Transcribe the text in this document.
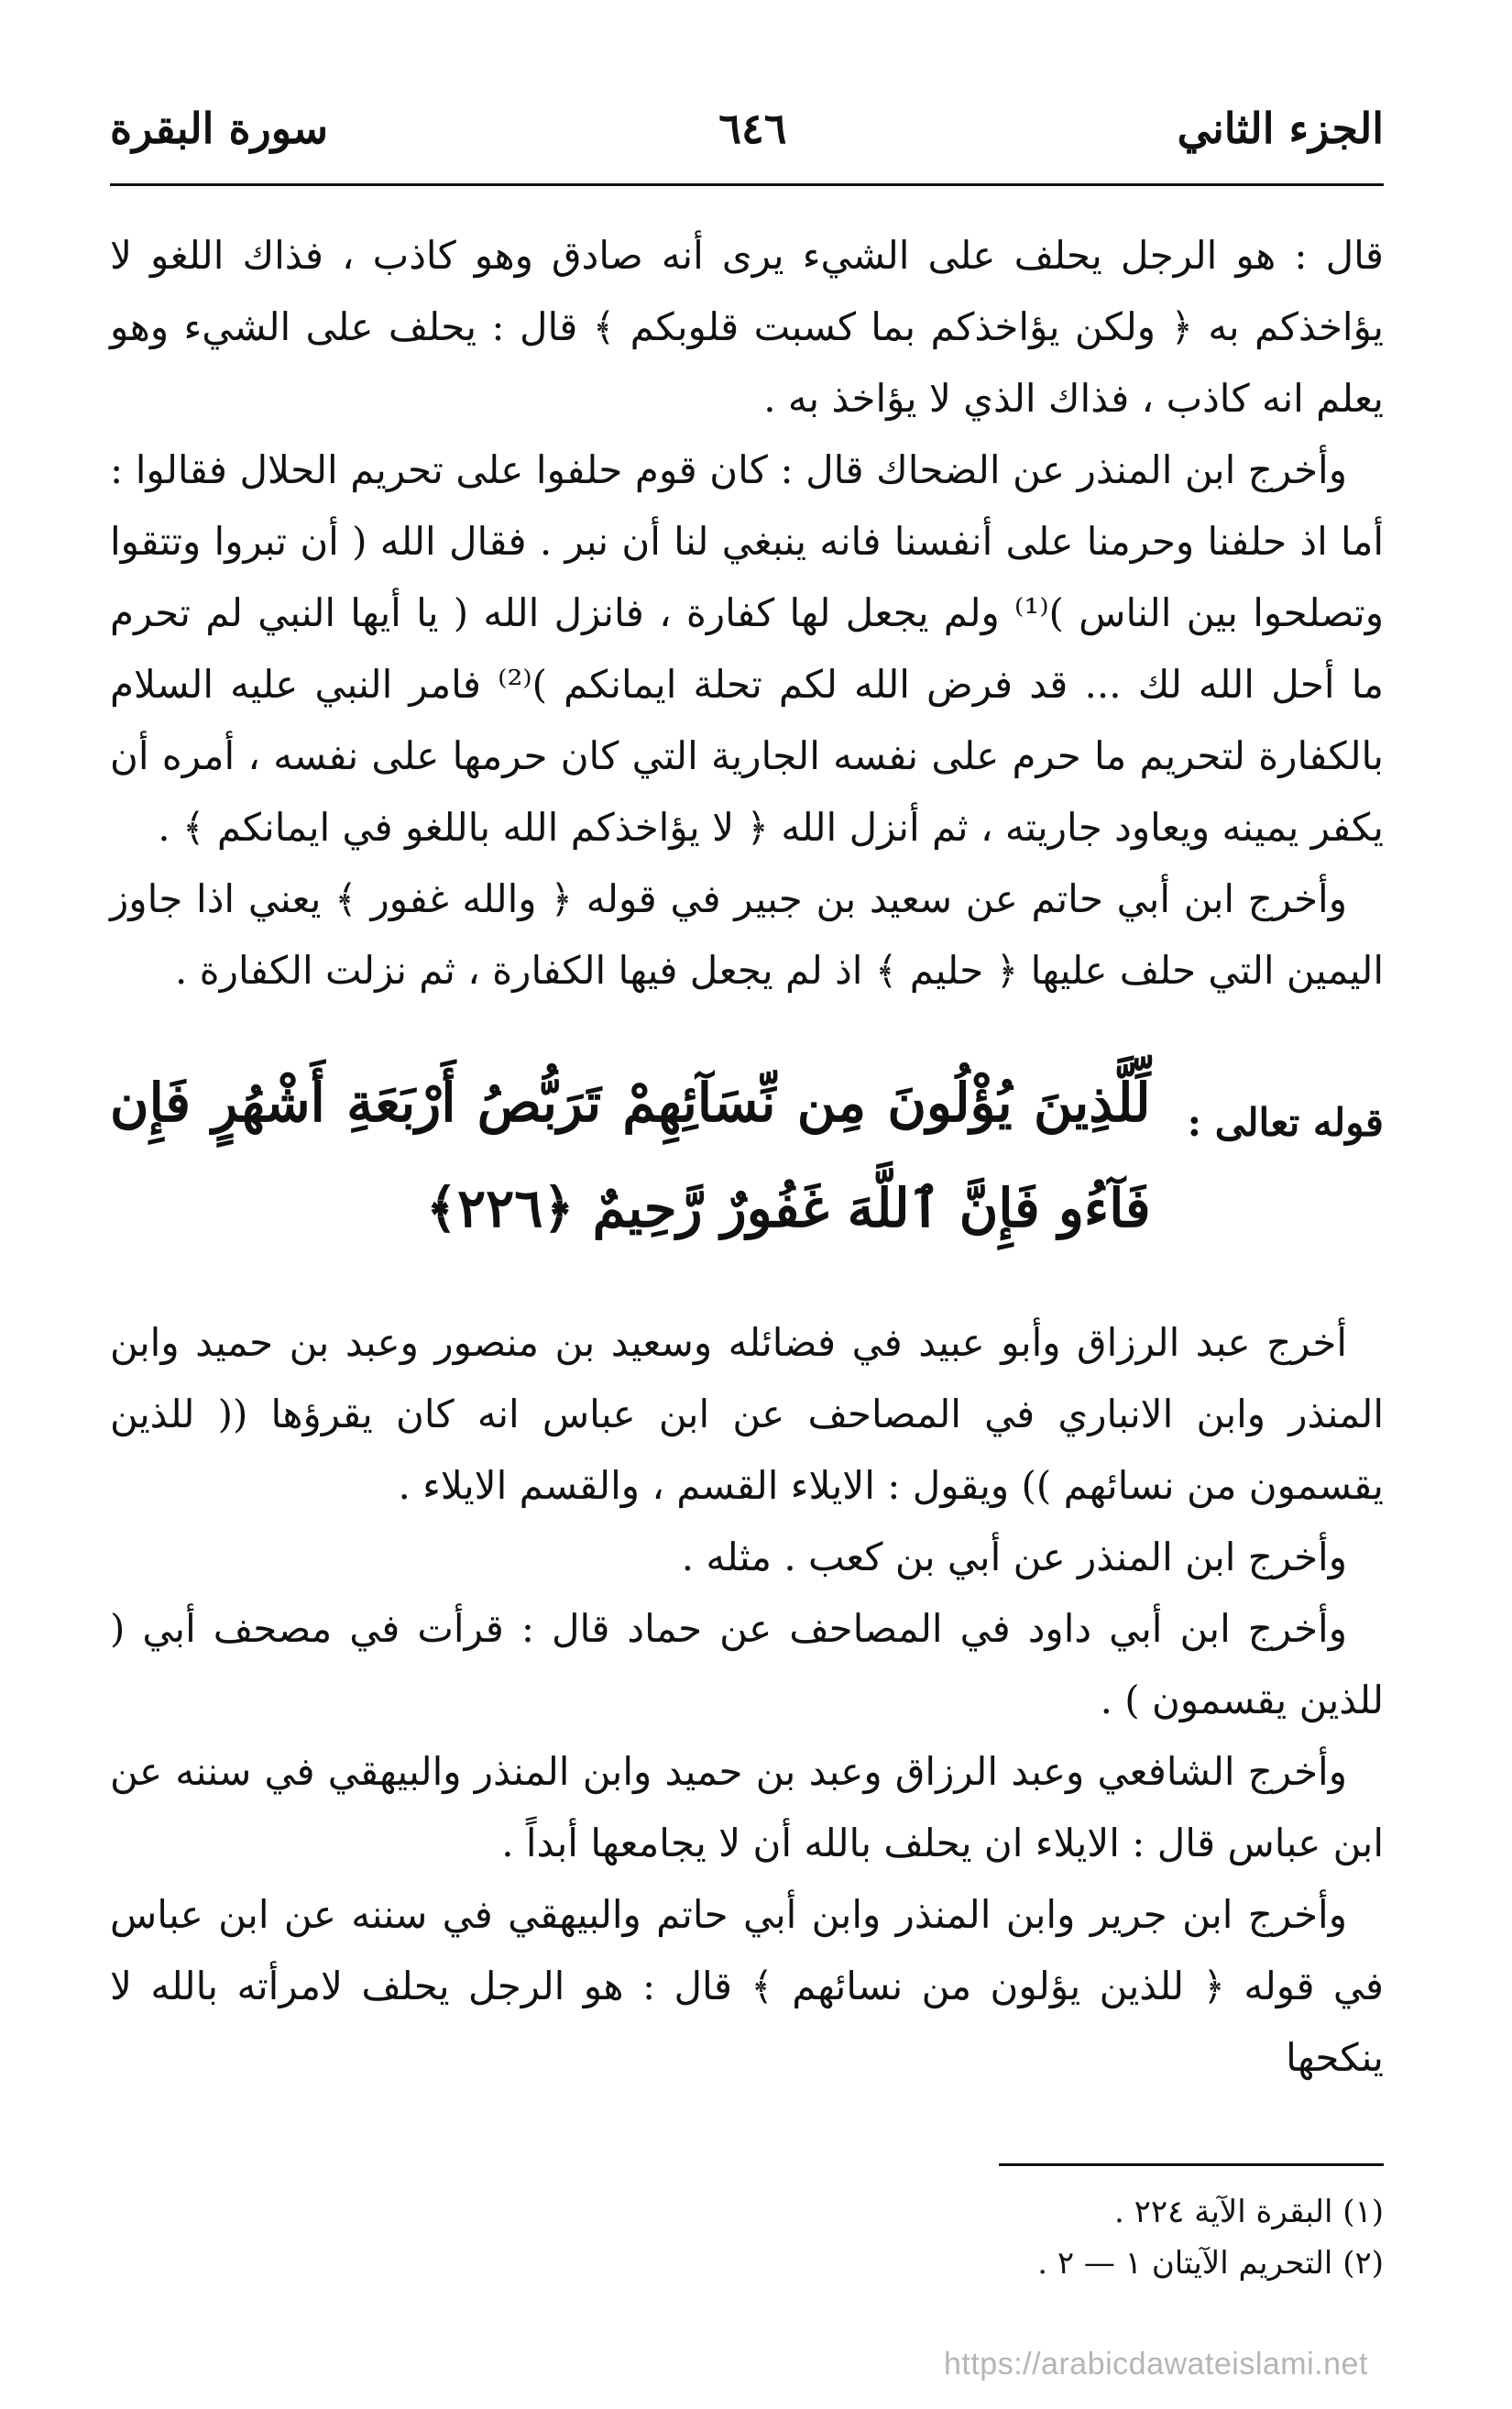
الجزء الثاني
٦٤٦
سورة البقرة

قال : هو الرجل يحلف على الشيء يرى أنه صادق وهو كاذب ، فذاك اللغو لا يؤاخذكم به ﴿ ولكن يؤاخذكم بما كسبت قلوبكم ﴾ قال : يحلف على الشيء وهو يعلم انه كاذب ، فذاك الذي لا يؤاخذ به .

وأخرج ابن المنذر عن الضحاك قال : كان قوم حلفوا على تحريم الحلال فقالوا : أما اذ حلفنا وحرمنا على أنفسنا فانه ينبغي لنا أن نبر . فقال الله ( أن تبروا وتتقوا وتصلحوا بين الناس )⁽¹⁾ ولم يجعل لها كفارة ، فانزل الله ( يا أيها النبي لم تحرم ما أحل الله لك ... قد فرض الله لكم تحلة ايمانكم )⁽²⁾ فامر النبي عليه السلام بالكفارة لتحريم ما حرم على نفسه الجارية التي كان حرمها على نفسه ، أمره أن يكفر يمينه ويعاود جاريته ، ثم أنزل الله ﴿ لا يؤاخذكم الله باللغو في ايمانكم ﴾ .

وأخرج ابن أبي حاتم عن سعيد بن جبير في قوله ﴿ والله غفور ﴾ يعني اذا جاوز اليمين التي حلف عليها ﴿ حليم ﴾ اذ لم يجعل فيها الكفارة ، ثم نزلت الكفارة .

قوله تعالى :
لِّلَّذِينَ يُؤْلُونَ مِن نِّسَآئِهِمْ تَرَبُّصُ أَرْبَعَةِ أَشْهُرٍ فَإِن فَآءُو فَإِنَّ ٱللَّهَ غَفُورٌ رَّحِيمٌ ﴿٢٢٦﴾

أخرج عبد الرزاق وأبو عبيد في فضائله وسعيد بن منصور وعبد بن حميد وابن المنذر وابن الانباري في المصاحف عن ابن عباس انه كان يقرؤها (( للذين يقسمون من نسائهم )) ويقول : الايلاء القسم ، والقسم الايلاء .

وأخرج ابن المنذر عن أبي بن كعب . مثله .

وأخرج ابن أبي داود في المصاحف عن حماد قال : قرأت في مصحف أبي ( للذين يقسمون ) .

وأخرج الشافعي وعبد الرزاق وعبد بن حميد وابن المنذر والبيهقي في سننه عن ابن عباس قال : الايلاء ان يحلف بالله أن لا يجامعها أبداً .

وأخرج ابن جرير وابن المنذر وابن أبي حاتم والبيهقي في سننه عن ابن عباس في قوله ﴿ للذين يؤلون من نسائهم ﴾ قال : هو الرجل يحلف لامرأته بالله لا ينكحها

(١) البقرة الآية ٢٢٤ .

(٢) التحريم الآيتان ١ — ٢ .

https://arabicdawateislami.net
